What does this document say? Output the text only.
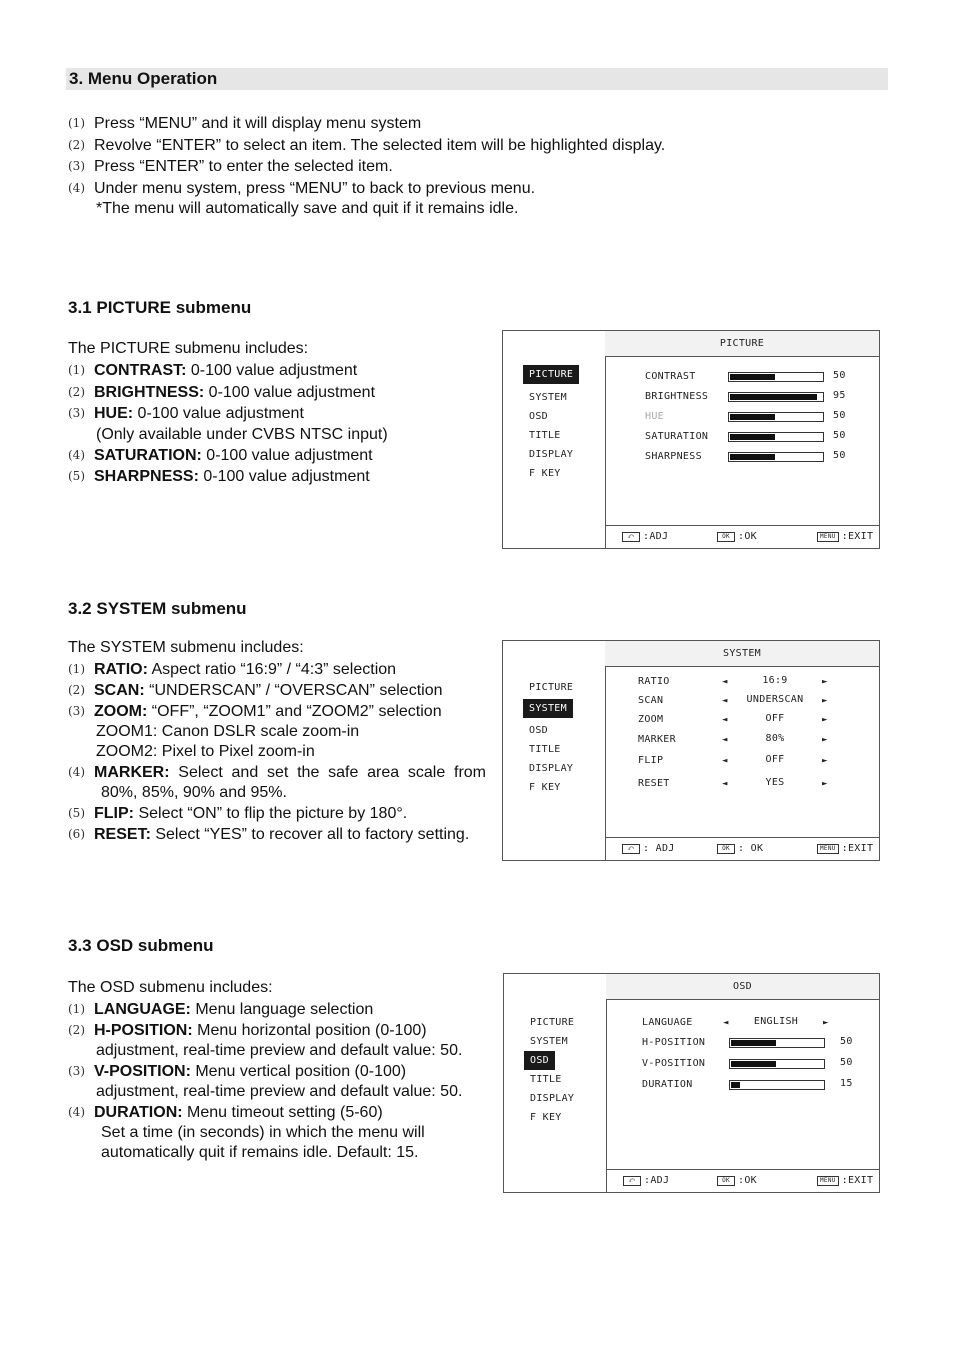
3. Menu Operation
(1) Press “MENU” and it will display menu system
(2) Revolve “ENTER” to select an item. The selected item will be highlighted display.
(3) Press “ENTER” to enter the selected item.
(4) Under menu system, press “MENU” to back to previous menu.
*The menu will automatically save and quit if it remains idle.
3.1 PICTURE submenu
The PICTURE submenu includes:
(1) CONTRAST: 0-100 value adjustment
(2) BRIGHTNESS: 0-100 value adjustment
(3) HUE: 0-100 value adjustment
(Only available under CVBS NTSC input)
(4) SATURATION: 0-100 value adjustment
(5) SHARPNESS: 0-100 value adjustment
PICTURE
PICTURE
SYSTEM
OSD
TITLE
DISPLAY
F KEY
CONTRAST	50
BRIGHTNESS	95
HUE	50
SATURATION	50
SHARPNESS	50
⤺ :ADJ	OK :OK	MENU :EXIT
3.2 SYSTEM submenu
The SYSTEM submenu includes:
(1) RATIO: Aspect ratio “16:9” / “4:3” selection
(2) SCAN: “UNDERSCAN” / “OVERSCAN” selection
(3) ZOOM: “OFF”, “ZOOM1” and “ZOOM2” selection
ZOOM1: Canon DSLR scale zoom-in
ZOOM2: Pixel to Pixel zoom-in
(4) MARKER: Select and set the safe area scale from
80%, 85%, 90% and 95%.
(5) FLIP: Select “ON” to flip the picture by 180°.
(6) RESET: Select “YES” to recover all to factory setting.
SYSTEM
PICTURE
SYSTEM
OSD
TITLE
DISPLAY
F KEY
RATIO	◄	16:9	►
SCAN	◄	UNDERSCAN	►
ZOOM	◄	OFF	►
MARKER	◄	80%	►
FLIP	◄	OFF	►
RESET	◄	YES	►
⤺ : ADJ	OK : OK	MENU :EXIT
3.3 OSD submenu
The OSD submenu includes:
(1) LANGUAGE: Menu language selection
(2) H-POSITION: Menu horizontal position (0-100)
adjustment, real-time preview and default value: 50.
(3) V-POSITION: Menu vertical position (0-100)
adjustment, real-time preview and default value: 50.
(4) DURATION: Menu timeout setting (5-60)
Set a time (in seconds) in which the menu will
automatically quit if remains idle. Default: 15.
OSD
PICTURE
SYSTEM
OSD
TITLE
DISPLAY
F KEY
LANGUAGE	◄	ENGLISH	►
H-POSITION	50
V-POSITION	50
DURATION	15
⤺ :ADJ	OK :OK	MENU :EXIT
